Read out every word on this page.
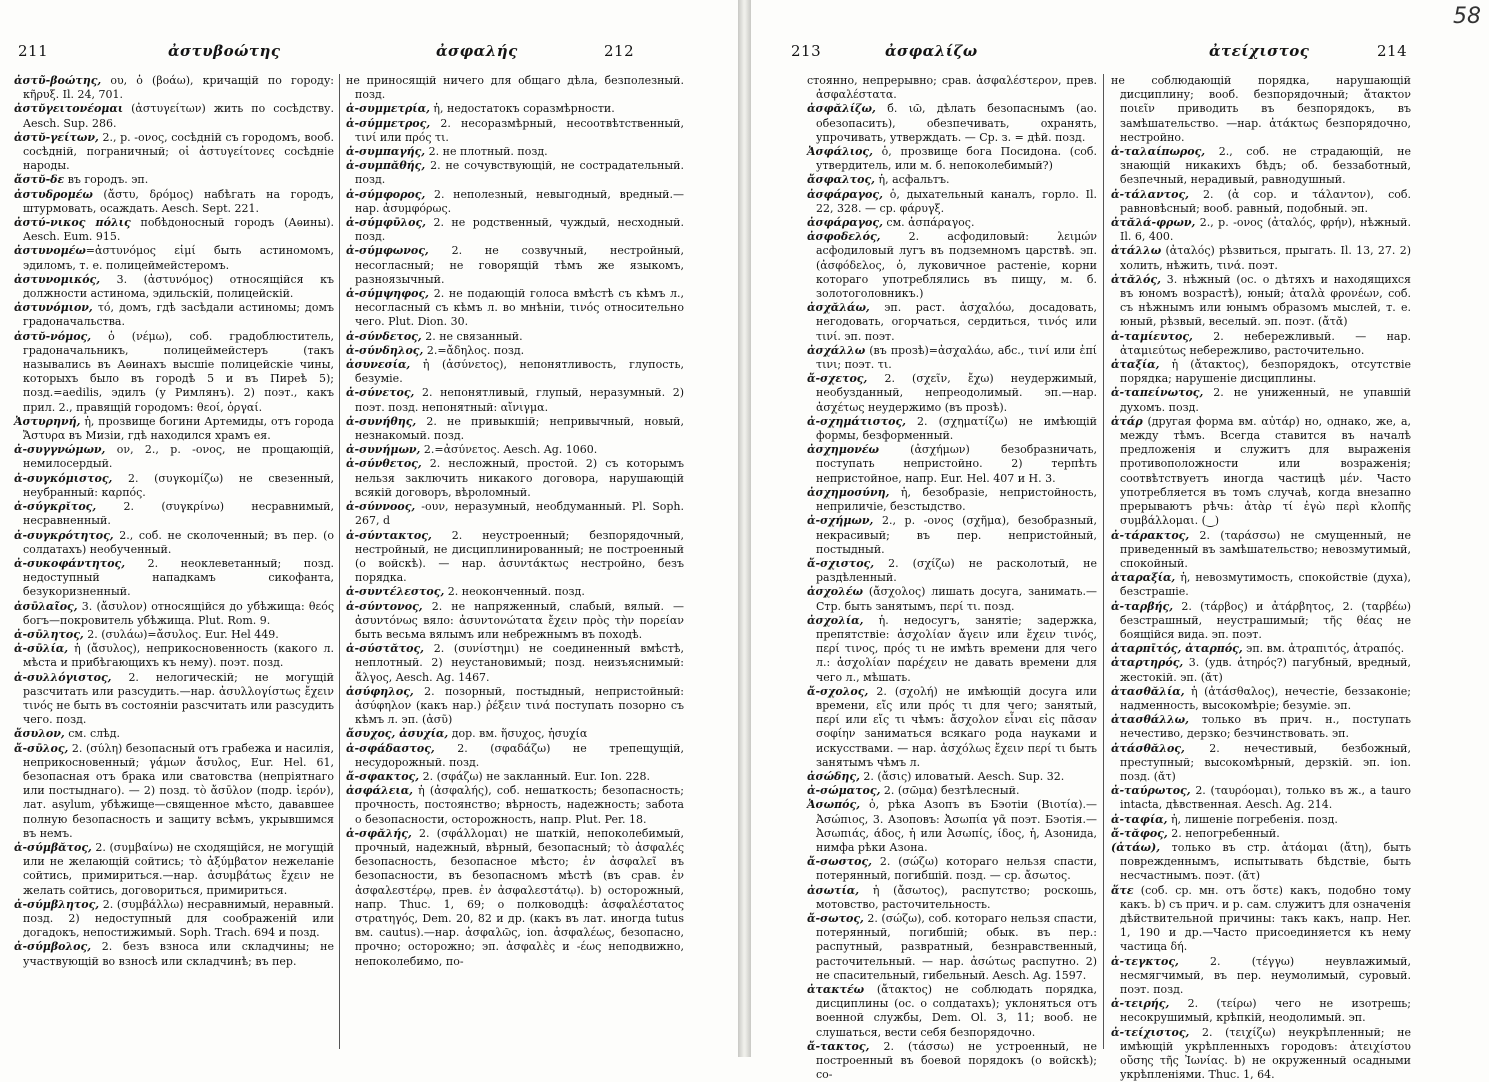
211	ἀστυβοώτης	ἀσφαλής	212
ἀστῦ-βοώτης, ου, ὁ (βοάω), кричащій по городу: κῆρυξ. Il. 24, 701.
ἀστῠγειτονέομαι (ἀστυγείτων) жить по сосѣдству. Aesch. Sup. 286.
ἀστῠ-γείτων, 2., р. -ονος, сосѣдній съ городомъ, вооб. сосѣдній, пограничный; οἱ ἀστυγείτονες сосѣдніе народы.
ἄστῠ-δε въ городъ. эп.
ἀστυδρομέω (ἄστυ, δρόμος) набѣгать на городъ, штурмовать, осаждать. Aesch. Sept. 221.
ἀστύ-νικος πόλις побѣдоносный городъ (Аѳины). Aesch. Eum. 915.
ἀστυνομέω=ἀστυνόμος εἰμί быть астиномомъ, эдиломъ, т. е. полицеймейстеромъ.
ἀστυνομικός, 3. (ἀστυνόμος) относящійся къ должности астинома, эдильскій, полицейскій.
ἀστυνόμιον, τό, домъ, гдѣ засѣдали астиномы; домъ градоначальства.
ἀστῠ-νόμος, ὁ (νέμω), соб. градоблюститель, градоначальникъ, полицеймейстеръ (такъ назывались въ Аѳинахъ высшіе полицейскіе чины, которыхъ было въ городѣ 5 и въ Пиреѣ 5); позд.=aedilis, эдилъ (у Римлянъ). 2) поэт., какъ прил. 2., правящій городомъ: θεοί, ὀργαί.
Ἀστυρηνή, ἡ, прозвище богини Артемиды, отъ города Ἄστυρα въ Мизіи, гдѣ находился храмъ ея.
ἀ-συγγνώμων, ον, 2., р. -ονος, не прощающій, немилосердый.
ἀ-συγκόμιστος, 2. (συγκομίζω) не свезенный, неубранный: καρπός.
ἀ-σύγκρῐτος, 2. (συγκρίνω) несравнимый, несравненный.
ἀ-συγκρότητος, 2., соб. не сколоченный; въ пер. (о солдатахъ) необученный.
ἀ-συκοφάντητος, 2. неоклеветанный; позд. недоступный нападкамъ сикофанта, безукоризненный.
ἀσῡλαῖος, 3. (ἄσυλον) относящійся до убѣжища: θεός богъ—покровитель убѣжища. Plut. Rom. 9.
ἀ-σῡλητος, 2. (συλάω)=ἄσυλος. Eur. Hel 449.
ἀ-σῡλία, ἡ (ἄσυλος), неприкосновенность (какого л. мѣста и прибѣгающихъ къ нему). поэт. позд.
ἀ-συλλόγιστος, 2. нелогическій; не могущій разсчитать или разсудить.—нар. ἀσυλλογίστως ἔχειν τινός не быть въ состояніи разсчитать или разсудить чего. позд.
ἄσυλον, см. слѣд.
ἄ-σῡλος, 2. (σύλη) безопасный отъ грабежа и насилія, неприкосновенный; γάμων ἄσυλος, Eur. Hel. 61, безопасная отъ брака или сватовства (непріятнаго или постыднаго). — 2) позд. τὸ ἄσῡλον (подр. ἱερόν), лат. asylum, убѣжище—священное мѣсто, дававшее полную безопасность и защиту всѣмъ, укрывшимся въ немъ.
ἀ-σύμβᾰτος, 2. (συμβαίνω) не сходящійся, не могущій или не желающій сойтись; τὸ ἀξύμβατον нежеланіе сойтись, примириться.—нар. ἀσυμβάτως ἔχειν не желать сойтись, договориться, примириться.
ἀ-σύμβλητος, 2. (συμβάλλω) несравнимый, неравный. позд. 2) недоступный для соображеній или догадокъ, непостижимый. Soph. Trach. 694 и позд.
ἀ-σύμβολος, 2. безъ взноса или складчины; не участвующій во взносѣ или складчинѣ; въ пер.
не приносящій ничего для общаго дѣла, безполезный. позд.
ἀ-συμμετρία, ἡ, недостатокъ соразмѣрности.
ἀ-σύμμετρος, 2. несоразмѣрный, несоотвѣтственный, τινί или πρός τι.
ἀ-συμπαγής, 2. не плотный. позд.
ἀ-συμπᾰθής, 2. не сочувствующій, не сострадательный. позд.
ἀ-σύμφορος, 2. неполезный, невыгодный, вредный.—нар. ἀσυμφόρως.
ἀ-σύμφῡλος, 2. не родственный, чуждый, несходный. позд.
ἀ-σύμφωνος, 2. не созвучный, нестройный, несогласный; не говорящій тѣмъ же языкомъ, разноязычный.
ἀ-σύμψηφος, 2. не подающій голоса вмѣстѣ съ кѣмъ л., несогласный съ кѣмъ л. во мнѣніи, τινός относительно чего. Plut. Dion. 30.
ἀ-σύνδετος, 2. не связанный.
ἀ-σύνδηλος, 2.=ἄδηλος. позд.
ἀσυνεσία, ἡ (ἀσύνετος), непонятливость, глупость, безуміе.
ἀ-σύνετος, 2. непонятливый, глупый, неразумный. 2) поэт. позд. непонятный: αἴνιγμα.
ἀ-συνήθης, 2. не привыкшій; непривычный, новый, незнакомый. позд.
ἀ-συνήμων, 2.=ἀσύνετος. Aesch. Ag. 1060.
ἀ-σύνθετος, 2. несложный, простой. 2) съ которымъ нельзя заключить никакого договора, нарушающій всякій договоръ, вѣроломный.
ἀ-σύννοος, -ουν, неразумный, необдуманный. Pl. Soph. 267, d
ἀ-σύντακτος, 2. неустроенный; безпорядочный, нестройный, не дисциплинированный; не построенный (о войскѣ). — нар. ἀσυντάκτως нестройно, безъ порядка.
ἀ-συντέλεστος, 2. неоконченный. позд.
ἀ-σύντονος, 2. не напряженный, слабый, вялый. — ἀσυντόνως вяло: ἀσυντονώτατα ἔχειν πρὸς τὴν πορείαν быть весьма вялымъ или небрежнымъ въ походѣ.
ἀ-σύστᾰτος, 2. (συνίστημι) не соединенный вмѣстѣ, неплотный. 2) неустановимый; позд. неизъяснимый: ἄλγος, Aesch. Ag. 1467.
ἀσύφηλος, 2. позорный, постыдный, непристойный: ἀσύφηλον (какъ нар.) ῥέξειν τινά поступать позорно съ кѣмъ л. эп. (ἀσῦ)
ἄσυχος, ἀσυχία, дор. вм. ἥσυχος, ἡσυχία
ἀ-σφάδαστος, 2. (σφαδάζω) не трепещущій, несудорожный. позд.
ἄ-σφακτος, 2. (σφάζω) не закланный. Eur. Ion. 228.
ἀσφάλεια, ἡ (ἀσφαλής), соб. нешаткость; безопасность; прочность, постоянство; вѣрность, надежность; забота о безопасности, осторожность, напр. Plut. Per. 18.
ἀ-σφᾰλής, 2. (σφάλλομαι) не шаткій, непоколебимый, прочный, надежный, вѣрный, безопасный; τὸ ἀσφαλές безопасность, безопасное мѣсто; ἐν ἀσφαλεῖ въ безопасности, въ безопасномъ мѣстѣ (въ срав. ἐν ἀσφαλεστέρῳ, прев. ἐν ἀσφαλεστάτῳ). b) осторожный, напр. Thuc. 1, 69; о полководцѣ: ἀσφαλέστατος στρατηγός, Dem. 20, 82 и др. (какъ въ лат. иногда tutus вм. cautus).—нар. ἀσφαλῶς, ion. ἀσφαλέως, безопасно, прочно; осторожно; эп. ἀσφαλὲς и -έως неподвижно, непоколебимо, по-
213	ἀσφαλίζω	ἀτείχιστος	214
стоянно, непрерывно; срав. ἀσφαλέστερον, прев. ἀσφαλέστατα.
ἀσφᾰλίζω, б. ιῶ, дѣлать безопаснымъ (ао. обезопасить), обезпечивать, охранять, упрочивать, утверждать. — Ср. з. = дѣй. позд.
Ἀσφάλιος, ὁ, прозвище бога Посидона. (соб. утвердитель, или м. б. непоколебимый?)
ἄσφαλτος, ἡ, асфальтъ.
ἀσφάραγος, ὁ, дыхательный каналъ, горло. Il. 22, 328. — ср. φάρυγξ.
ἀσφάραγος, см. ἀσπάραγος.
ἀσφοδελός, 2. асфодиловый: λειμών асфодиловый лугъ въ подземномъ царствѣ. эп. (ἀσφόδελος, ὁ, луковичное растеніе, корни котораго употреблялись въ пищу, м. б. золотоголовникъ.)
ἀσχᾰλάω, эп. раст. ἀσχαλόω, досадовать, негодовать, огорчаться, сердиться, τινός или τινί. эп. поэт.
ἀσχάλλω (въ прозѣ)=ἀσχαλάω, абс., τινί или ἐπί τινι; поэт. τι.
ἄ-σχετος, 2. (σχεῖν, ἔχω) неудержимый, необузданный, непреодолимый. эп.—нар. ἀσχέτως неудержимо (въ прозѣ).
ἀ-σχημάτιστος, 2. (σχηματίζω) не имѣющій формы, безформенный.
ἀσχημονέω (ἀσχήμων) безобразничать, поступать непристойно. 2) терпѣть непристойное, напр. Eur. Hel. 407 и Н. 3.
ἀσχημοσύνη, ἡ, безобразіе, непристойность, неприличіе, безстыдство.
ἀ-σχήμων, 2., р. -ονος (σχῆμα), безобразный, некрасивый; въ пер. непристойный, постыдный.
ἄ-σχιστος, 2. (σχίζω) не расколотый, не раздѣленный.
ἀσχολέω (ἄσχολος) лишать досуга, занимать.—Стр. быть занятымъ, περί τι. позд.
ἀσχολία, ἡ. недосугъ, занятіе; задержка, препятствіе: ἀσχολίαν ἄγειν или ἔχειν τινός, περί τινος, πρός τι не имѣть времени для чего л.: ἀσχολίαν παρέχειν не давать времени для чего л., мѣшать.
ἄ-σχολος, 2. (σχολή) не имѣющій досуга или времени, εἴς или πρός τι для чего; занятый, περί или εἴς τι чѣмъ: ἄσχολον εἶναι εἰς πᾶσαν σοφίην заниматься всякаго рода науками и искусствами. — нар. ἀσχόλως ἔχειν περί τι быть занятымъ чѣмъ л.
ἀσώδης, 2. (ἄσις) иловатый. Aesch. Sup. 32.
ἀ-σώματος, 2. (σῶμα) безтѣлесный.
Ἀσωπός, ὁ, рѣка Азопъ въ Бэотіи (Βιοτία).— Ἀσώπιος, 3. Азоповъ: Ἀσωπία γᾶ поэт. Бэотія.—Ἀσωπιάς, άδος, ἡ или Ἀσωπίς, ίδος, ἡ, Азонида, нимфа рѣки Азона.
ἄ-σωστος, 2. (σώζω) котораго нельзя спасти, потерянный, погибшій. позд. — ср. ἄσωτος.
ἀσωτία, ἡ (ἄσωτος), распутство; роскошь, мотовство, расточительность.
ἄ-σωτος, 2. (σώζω), соб. котораго нельзя спасти, потерянный, погибшій; обык. въ пер.: распутный, развратный, безнравственный, расточительный. — нар. ἀσώτως распутно. 2) не спасительный, гибельный. Aesch. Ag. 1597.
ἀτακτέω (ἄτακτος) не соблюдать порядка, дисциплины (ос. о солдатахъ); уклоняться отъ военной службы, Dem. Ol. 3, 11; вооб. не слушаться, вести себя безпорядочно.
ἄ-τακτος, 2. (τάσσω) не устроенный, не построенный въ боевой порядокъ (о войскѣ); со-
не соблюдающій порядка, нарушающій дисциплину; вооб. безпорядочный; ἄτακτον ποιεῖν приводить въ безпорядокъ, въ замѣшательство. —нар. ἀτάκτως безпорядочно, нестройно.
ἀ-ταλαίπωρος, 2., соб. не страдающій, не знающій никакихъ бѣдъ; об. беззаботный, безпечный, нерадивый, равнодушный.
ἀ-τάλαντος, 2. (ἀ сор. и τάλαντον), соб. равновѣсный; вооб. равный, подобный. эп.
ἀτᾰλά-φρων, 2., р. -ονος (ἀταλός, φρήν), нѣжный. Il. 6, 400.
ἀτάλλω (ἀταλός) рѣзвиться, прыгать. Il. 13, 27. 2) холить, нѣжить, τινά. поэт.
ἀτᾰλός, 3. нѣжный (ос. о дѣтяхъ и находящихся въ юномъ возрастѣ), юный; ἀταλὰ φρονέων, соб. съ нѣжнымъ или юнымъ образомъ мыслей, т. е. юный, рѣзвый, веселый. эп. поэт. (ἄτᾰ)
ἀ-ταμίευτος, 2. небережливый. — нар. ἀταμιεύτως небережливо, расточительно.
ἀταξία, ἡ (ἄτακτος), безпорядокъ, отсутствіе порядка; нарушеніе дисциплины.
ἀ-ταπείνωτος, 2. не униженный, не упавшій духомъ. позд.
ἀτάρ (другая форма вм. αὐτάρ) но, однако, же, а, между тѣмъ. Всегда ставится въ началѣ предложенія и служитъ для выраженія противоположности или возраженія; соотвѣтствуетъ иногда частицѣ μέν. Часто употребляется въ томъ случаѣ, когда внезапно прерываютъ рѣчь: ἀτὰρ τί ἐγὼ περὶ κλοπῆς συμβάλλομαι. (‿)
ἀ-τάρακτος, 2. (ταράσσω) не смущенный, не приведенный въ замѣшательство; невозмутимый, спокойный.
ἀταραξία, ἡ, невозмутимость, спокойствіе (духа), безстрашіе.
ἀ-ταρβής, 2. (τάρβος) и ἀτάρβητος, 2. (ταρβέω) безстрашный, неустрашимый; τῆς θέας не боящійся вида. эп. поэт.
ἀταρπῑτός, ἀταρπός, эп. вм. ἀτραπιτός, ἀτραπός.
ἀταρτηρός, 3. (удв. ἀτηρός?) пагубный, вредный, жестокій. эп. (ᾰτ)
ἀτασθᾰλία, ἡ (ἀτάσθαλος), нечестіе, беззаконіе; надменность, высокомѣріе; безуміе. эп.
ἀτασθάλλω, только въ прич. н., поступать нечестиво, дерзко; безчинствовать. эп.
ἀτάσθᾰλος, 2. нечестивый, безбожный, преступный; высокомѣрный, дерзкій. эп. ion. позд. (ᾰτ)
ἀ-ταύρωτος, 2. (ταυρόομαι), только въ ж., а tauro intacta, дѣвственная. Aesch. Ag. 214.
ἀ-ταφία, ἡ, лишеніе погребенія. позд.
ἄ-τᾰφος, 2. непогребенный.
(ἀτάω), только въ стр. ἀτάομαι (ἄτη), быть поврежденнымъ, испытывать бѣдствіе, быть несчастнымъ. поэт. (ᾰτ)
ἅτε (соб. ср. мн. отъ ὅστε) какъ, подобно тому какъ. b) съ прич. и р. сам. служитъ для означенія дѣйствительной причины: такъ какъ, напр. Her. 1, 190 и др.—Часто присоединяется къ нему частица δή.
ἀ-τεγκτος, 2. (τέγγω) неувлажимый, несмягчимый, въ пер. неумолимый, суровый. поэт. позд.
ἀ-τειρής, 2. (τείρω) чего не изотрешь; несокрушимый, крѣпкій, неодолимый. эп.
ἀ-τείχιστος, 2. (τειχίζω) неукрѣпленный; не имѣющій укрѣпленныхъ городовъ: ἀτειχίστου οὔσης τῆς Ἰωνίας. b) не окруженный осадными укрѣпленіями. Thuc. 1, 64.
58
